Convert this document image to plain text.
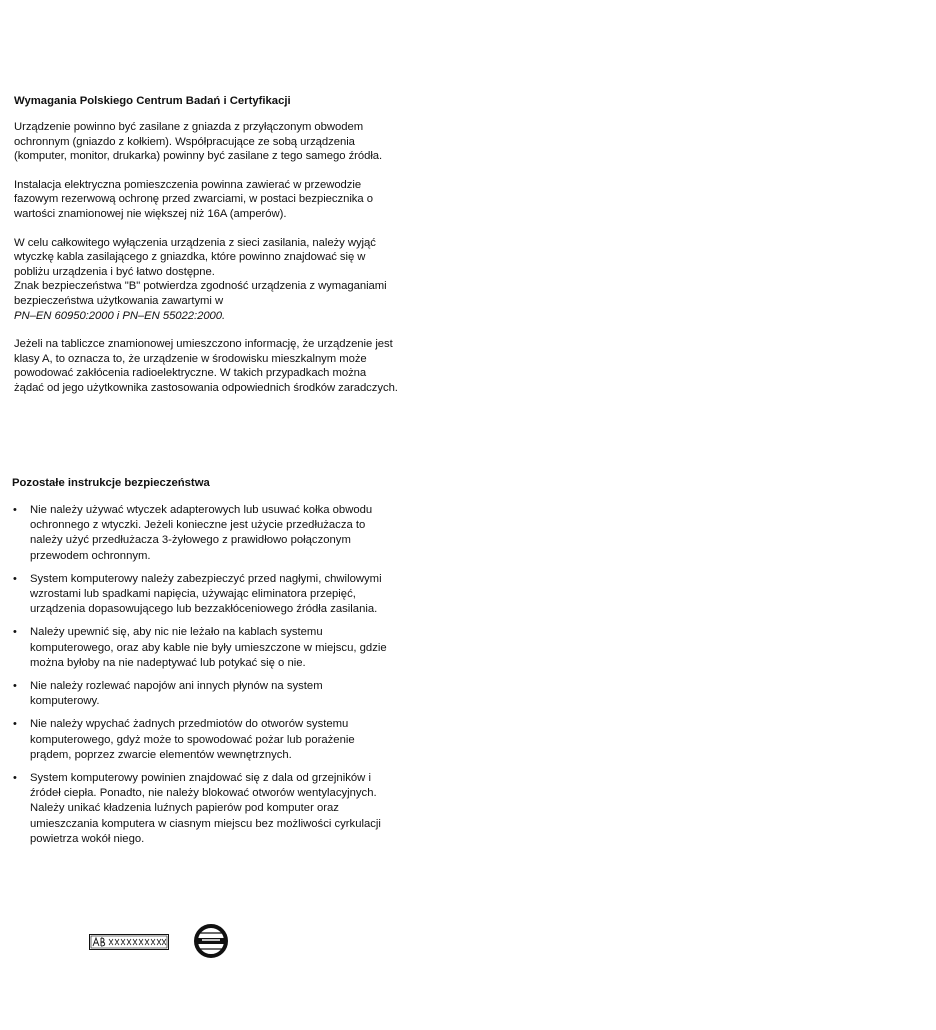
Wymagania Polskiego Centrum Badań i Certyfikacji

Urządzenie powinno być zasilane z gniazda z przyłączonym obwodem ochronnym (gniazdo z kołkiem). Współpracujące ze sobą urządzenia (komputer, monitor, drukarka) powinny być zasilane z tego samego źródła.

Instalacja elektryczna pomieszczenia powinna zawierać w przewodzie fazowym rezerwową ochronę przed zwarciami, w postaci bezpiecznika o wartości znamionowej nie większej niż 16A (amperów).

W celu całkowitego wyłączenia urządzenia z sieci zasilania, należy wyjąć wtyczkę kabla zasilającego z gniazdka, które powinno znajdować się w pobliżu urządzenia i być łatwo dostępne.

Znak bezpieczeństwa "B" potwierdza zgodność urządzenia z wymaganiami bezpieczeństwa użytkowania zawartymi w

PN–EN 60950:2000 i PN–EN 55022:2000.

Jeżeli na tabliczce znamionowej umieszczono informację, że urządzenie jest klasy A, to oznacza to, że urządzenie w środowisku mieszkalnym może powodować zakłócenia radioelektryczne. W takich przypadkach można żądać od jego użytkownika zastosowania odpowiednich środków zaradczych.

Pozostałe instrukcje bezpieczeństwa

• Nie należy używać wtyczek adapterowych lub usuwać kołka obwodu ochronnego z wtyczki. Jeżeli konieczne jest użycie przedłużacza to należy użyć przedłużacza 3-żyłowego z prawidłowo połączonym przewodem ochronnym.
• System komputerowy należy zabezpieczyć przed nagłymi, chwilowymi wzrostami lub spadkami napięcia, używając eliminatora przepięć, urządzenia dopasowującego lub bezzakłóceniowego źródła zasilania.
• Należy upewnić się, aby nic nie leżało na kablach systemu komputerowego, oraz aby kable nie były umieszczone w miejscu, gdzie można byłoby na nie nadeptywać lub potykać się o nie.
• Nie należy rozlewać napojów ani innych płynów na system komputerowy.
• Nie należy wpychać żadnych przedmiotów do otworów systemu komputerowego, gdyż może to spowodować pożar lub porażenie prądem, poprzez zwarcie elementów wewnętrznych.
• System komputerowy powinien znajdować się z dala od grzejników i źródeł ciepła. Ponadto, nie należy blokować otworów wentylacyjnych. Należy unikać kładzenia luźnych papierów pod komputer oraz umieszczania komputera w ciasnym miejscu bez możliwości cyrkulacji powietrza wokół niego.
